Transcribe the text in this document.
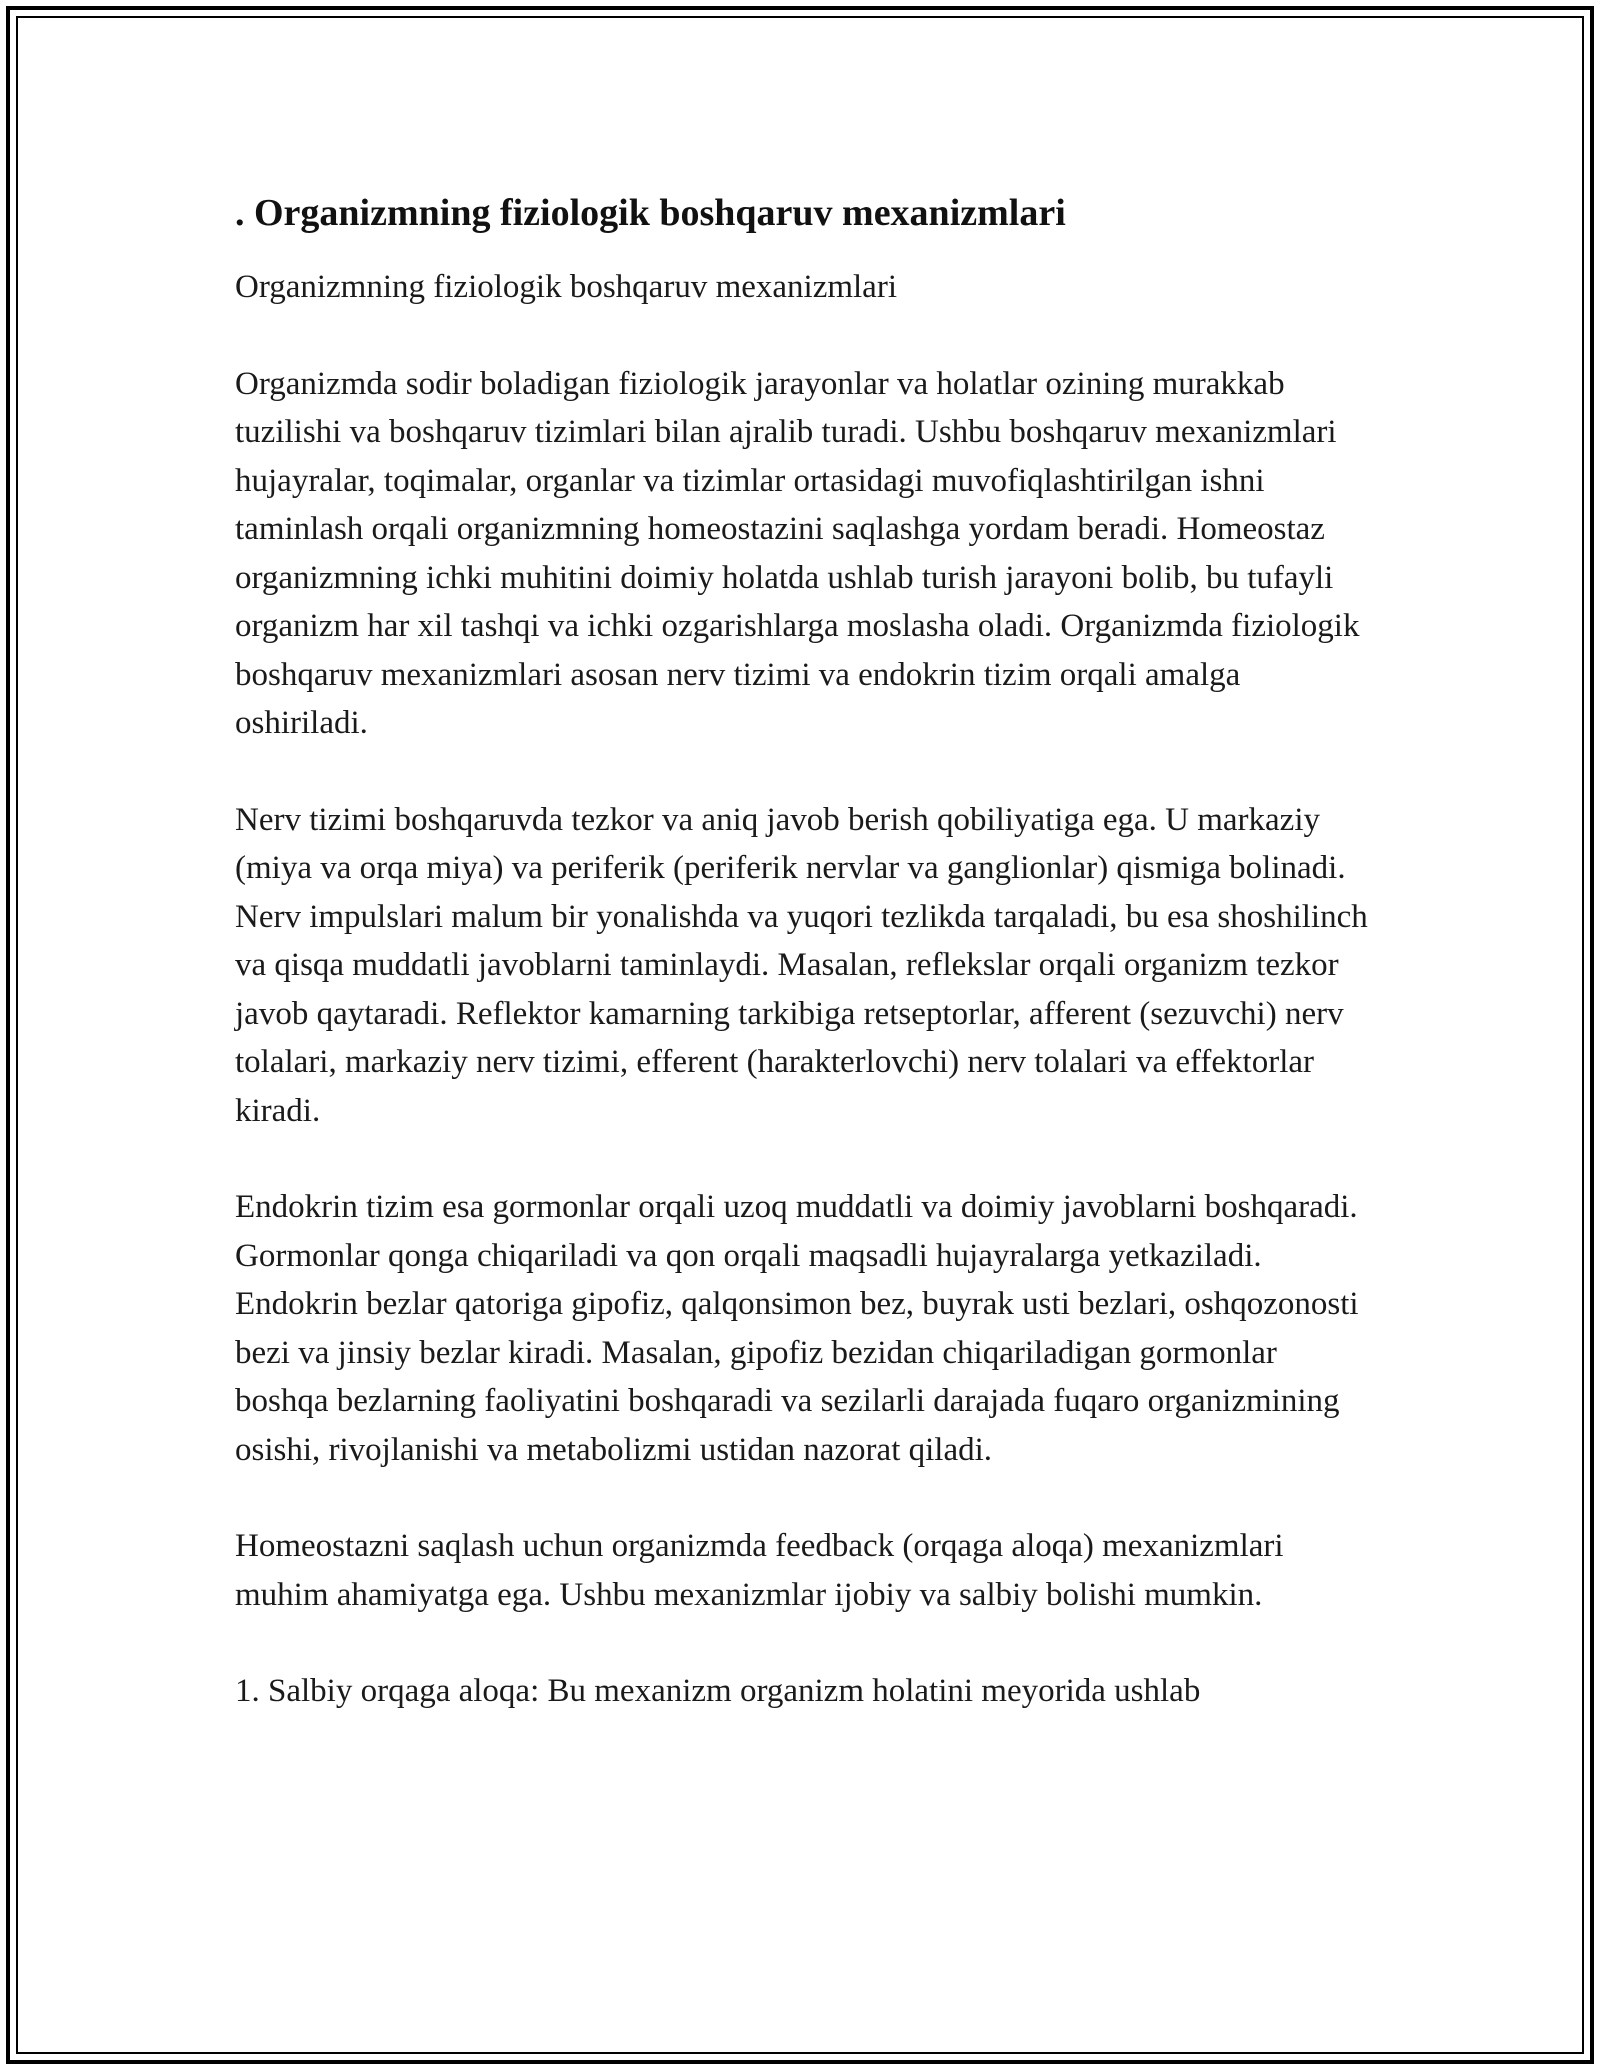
. Organizmning fiziologik boshqaruv mexanizmlari

Organizmning fiziologik boshqaruv mexanizmlari

Organizmda sodir boladigan fiziologik jarayonlar va holatlar ozining murakkab tuzilishi va boshqaruv tizimlari bilan ajralib turadi. Ushbu boshqaruv mexanizmlari hujayralar, toqimalar, organlar va tizimlar ortasidagi muvofiqlashtirilgan ishni taminlash orqali organizmning homeostazini saqlashga yordam beradi. Homeostaz organizmning ichki muhitini doimiy holatda ushlab turish jarayoni bolib, bu tufayli organizm har xil tashqi va ichki ozgarishlarga moslasha oladi. Organizmda fiziologik boshqaruv mexanizmlari asosan nerv tizimi va endokrin tizim orqali amalga oshiriladi.

Nerv tizimi boshqaruvda tezkor va aniq javob berish qobiliyatiga ega. U markaziy (miya va orqa miya) va periferik (periferik nervlar va ganglionlar) qismiga bolinadi. Nerv impulslari malum bir yonalishda va yuqori tezlikda tarqaladi, bu esa shoshilinch va qisqa muddatli javoblarni taminlaydi. Masalan, reflekslar orqali organizm tezkor javob qaytaradi. Reflektor kamarning tarkibiga retseptorlar, afferent (sezuvchi) nerv tolalari, markaziy nerv tizimi, efferent (harakterlovchi) nerv tolalari va effektorlar kiradi.

Endokrin tizim esa gormonlar orqali uzoq muddatli va doimiy javoblarni boshqaradi. Gormonlar qonga chiqariladi va qon orqali maqsadli hujayralarga yetkaziladi. Endokrin bezlar qatoriga gipofiz, qalqonsimon bez, buyrak usti bezlari, oshqozonosti bezi va jinsiy bezlar kiradi. Masalan, gipofiz bezidan chiqariladigan gormonlar boshqa bezlarning faoliyatini boshqaradi va sezilarli darajada fuqaro organizmining osishi, rivojlanishi va metabolizmi ustidan nazorat qiladi.

Homeostazni saqlash uchun organizmda feedback (orqaga aloqa) mexanizmlari muhim ahamiyatga ega. Ushbu mexanizmlar ijobiy va salbiy bolishi mumkin.

1. Salbiy orqaga aloqa: Bu mexanizm organizm holatini meyorida ushlab
